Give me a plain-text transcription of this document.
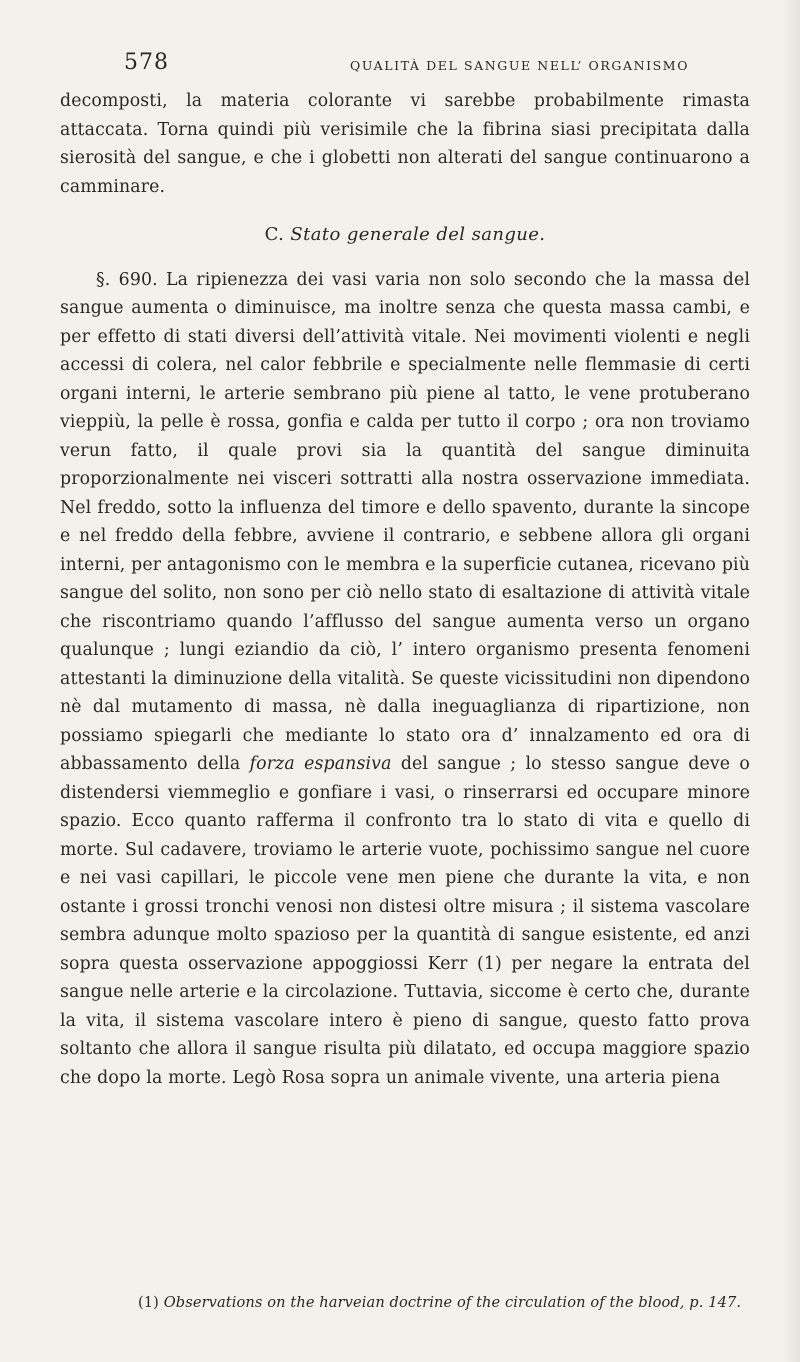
578	QUALITÀ DEL SANGUE NELL’ ORGANISMO

decomposti, la materia colorante vi sarebbe probabilmente rimasta attaccata. Torna quindi più verisimile che la fibrina siasi precipitata dalla sierosità del sangue, e che i globetti non alterati del sangue continuarono a camminare.

C. Stato generale del sangue.

§. 690. La ripienezza dei vasi varia non solo secondo che la massa del sangue aumenta o diminuisce, ma inoltre senza che questa massa cambi, e per effetto di stati diversi dell’attività vitale. Nei movimenti violenti e negli accessi di colera, nel calor febbrile e specialmente nelle flemmasie di certi organi interni, le arterie sembrano più piene al tatto, le vene protuberano vieppiù, la pelle è rossa, gonfia e calda per tutto il corpo ; ora non troviamo verun fatto, il quale provi sia la quantità del sangue diminuita proporzionalmente nei visceri sottratti alla nostra osservazione immediata. Nel freddo, sotto la influenza del timore e dello spavento, durante la sincope e nel freddo della febbre, avviene il contrario, e sebbene allora gli organi interni, per antagonismo con le membra e la superficie cutanea, ricevano più sangue del solito, non sono per ciò nello stato di esaltazione di attività vitale che riscontriamo quando l’afflusso del sangue aumenta verso un organo qualunque ; lungi eziandio da ciò, l’ intero organismo presenta fenomeni attestanti la diminuzione della vitalità. Se queste vicissitudini non dipendono nè dal mutamento di massa, nè dalla ineguaglianza di ripartizione, non possiamo spiegarli che mediante lo stato ora d’ innalzamento ed ora di abbassamento della forza espansiva del sangue ; lo stesso sangue deve o distendersi viemmeglio e gonfiare i vasi, o rinserrarsi ed occupare minore spazio. Ecco quanto rafferma il confronto tra lo stato di vita e quello di morte. Sul cadavere, troviamo le arterie vuote, pochissimo sangue nel cuore e nei vasi capillari, le piccole vene men piene che durante la vita, e non ostante i grossi tronchi venosi non distesi oltre misura ; il sistema vascolare sembra adunque molto spazioso per la quantità di sangue esistente, ed anzi sopra questa osservazione appoggiossi Kerr (1) per negare la entrata del sangue nelle arterie e la circolazione. Tuttavia, siccome è certo che, durante la vita, il sistema vascolare intero è pieno di sangue, questo fatto prova soltanto che allora il sangue risulta più dilatato, ed occupa maggiore spazio che dopo la morte. Legò Rosa sopra un animale vivente, una arteria piena

(1) Observations on the harveian doctrine of the circulation of the blood, p. 147.
